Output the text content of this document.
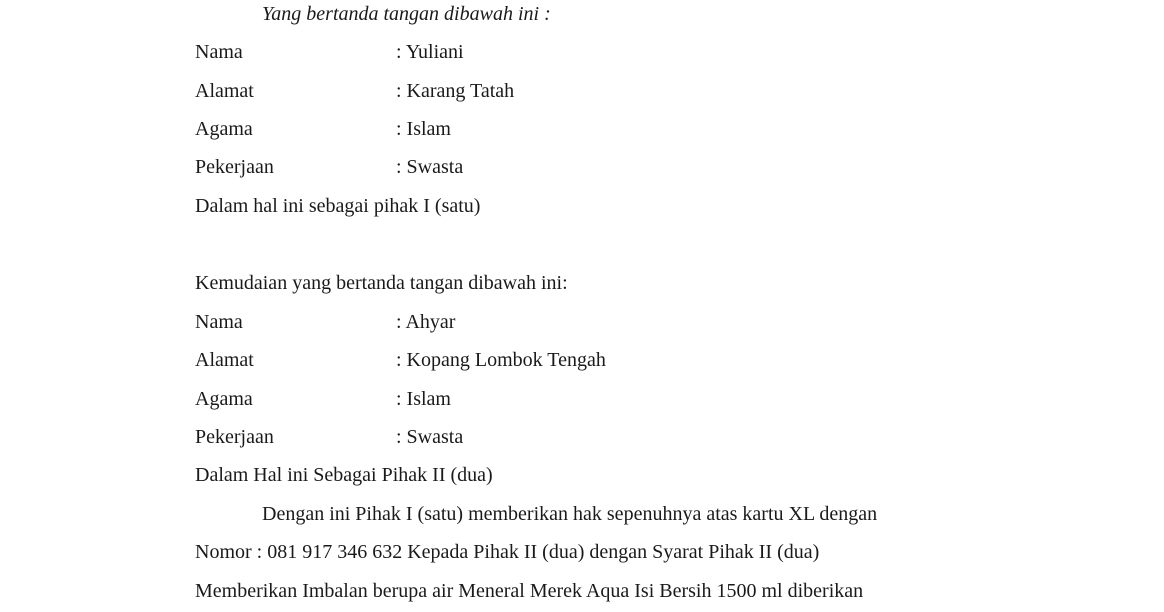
Yang bertanda tangan dibawah ini :
Nama	: Yuliani
Alamat	: Karang Tatah
Agama	: Islam
Pekerjaan	: Swasta
Dalam hal ini sebagai pihak I (satu)
Kemudaian yang bertanda tangan dibawah ini:
Nama	: Ahyar
Alamat	: Kopang Lombok Tengah
Agama	: Islam
Pekerjaan	: Swasta
Dalam Hal ini Sebagai Pihak II (dua)
Dengan ini Pihak I (satu) memberikan hak sepenuhnya atas kartu XL dengan
Nomor : 081 917 346 632 Kepada Pihak II (dua) dengan Syarat Pihak II (dua)
Memberikan Imbalan berupa air Meneral Merek Aqua Isi Bersih 1500 ml diberikan
